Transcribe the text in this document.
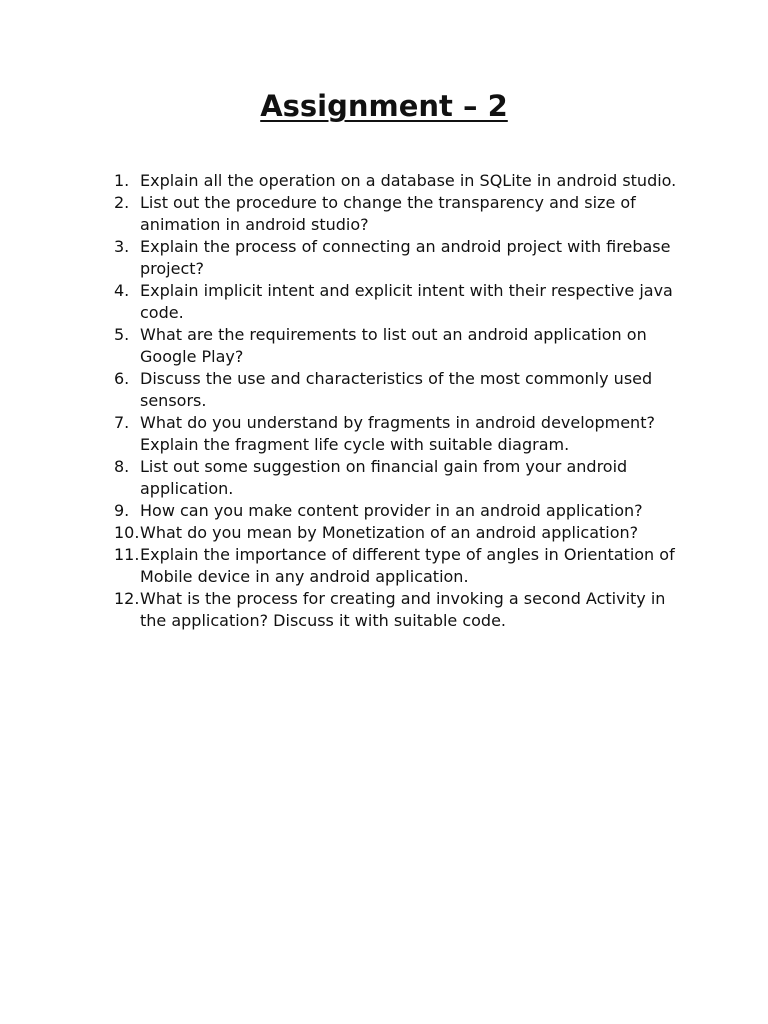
Assignment – 2
1. Explain all the operation on a database in SQLite in android studio.
2. List out the procedure to change the transparency and size of animation in android studio?
3. Explain the process of connecting an android project with firebase project?
4. Explain implicit intent and explicit intent with their respective java code.
5. What are the requirements to list out an android application on Google Play?
6. Discuss the use and characteristics of the most commonly used sensors.
7. What do you understand by fragments in android development? Explain the fragment life cycle with suitable diagram.
8. List out some suggestion on financial gain from your android application.
9. How can you make content provider in an android application?
10. What do you mean by Monetization of an android application?
11. Explain the importance of different type of angles in Orientation of Mobile device in any android application.
12. What is the process for creating and invoking a second Activity in the application? Discuss it with suitable code.
